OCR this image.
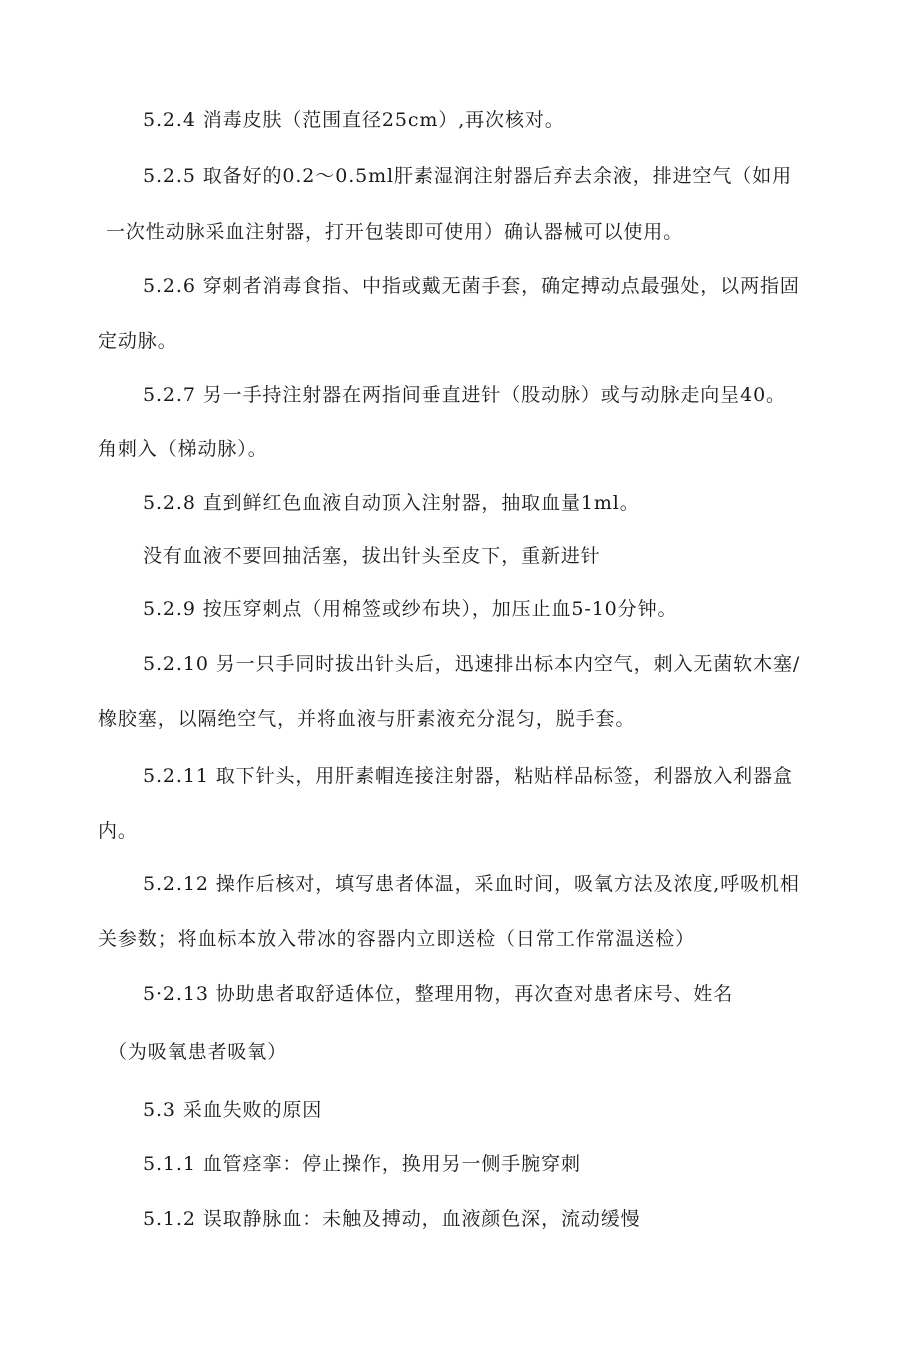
5.2.4 消毒皮肤（范围直径25cm）,再次核对。
5.2.5 取备好的0.2～0.5ml肝素湿润注射器后弃去余液，排进空气（如用
一次性动脉采血注射器，打开包装即可使用）确认器械可以使用。
5.2.6 穿刺者消毒食指、中指或戴无菌手套，确定搏动点最强处，以两指固
定动脉。
5.2.7 另一手持注射器在两指间垂直进针（股动脉）或与动脉走向呈40。
角刺入（梯动脉）。
5.2.8 直到鲜红色血液自动顶入注射器，抽取血量1ml。
没有血液不要回抽活塞，拔出针头至皮下，重新进针
5.2.9 按压穿刺点（用棉签或纱布块），加压止血5-10分钟。
5.2.10 另一只手同时拔出针头后，迅速排出标本内空气，刺入无菌软木塞/
橡胶塞，以隔绝空气，并将血液与肝素液充分混匀，脱手套。
5.2.11 取下针头，用肝素帽连接注射器，粘贴样品标签，利器放入利器盒
内。
5.2.12 操作后核对，填写患者体温，采血时间，吸氧方法及浓度,呼吸机相
关参数；将血标本放入带冰的容器内立即送检（日常工作常温送检）
5·2.13 协助患者取舒适体位，整理用物，再次查对患者床号、姓名
（为吸氧患者吸氧）
5.3 采血失败的原因
5.1.1 血管痉挛：停止操作，换用另一侧手腕穿刺
5.1.2 误取静脉血：未触及搏动，血液颜色深，流动缓慢
